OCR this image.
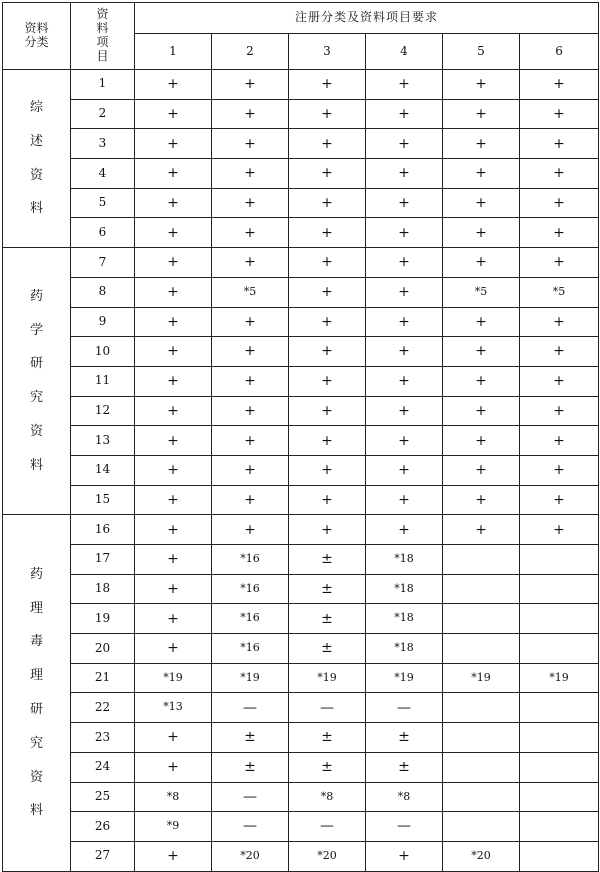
资料分类	资料项目	注册分类及资料项目要求					
		1	2	3	4	5	6
综述资料	1	+	+	+	+	+	+
	2	+	+	+	+	+	+
	3	+	+	+	+	+	+
	4	+	+	+	+	+	+
	5	+	+	+	+	+	+
	6	+	+	+	+	+	+
药学研究资料	7	+	+	+	+	+	+
	8	+	*5	+	+	*5	*5
	9	+	+	+	+	+	+
	10	+	+	+	+	+	+
	11	+	+	+	+	+	+
	12	+	+	+	+	+	+
	13	+	+	+	+	+	+
	14	+	+	+	+	+	+
	15	+	+	+	+	+	+
药理毒理研究资料	16	+	+	+	+	+	+
	17	+	*16	±	*18		
	18	+	*16	±	*18		
	19	+	*16	±	*18		
	20	+	*16	±	*18		
	21	*19	*19	*19	*19	*19	*19
	22	*13	—	—	—		
	23	+	±	±	±		
	24	+	±	±	±		
	25	*8	—	*8	*8		
	26	*9	—	—	—		
	27	+	*20	*20	+	*20	
